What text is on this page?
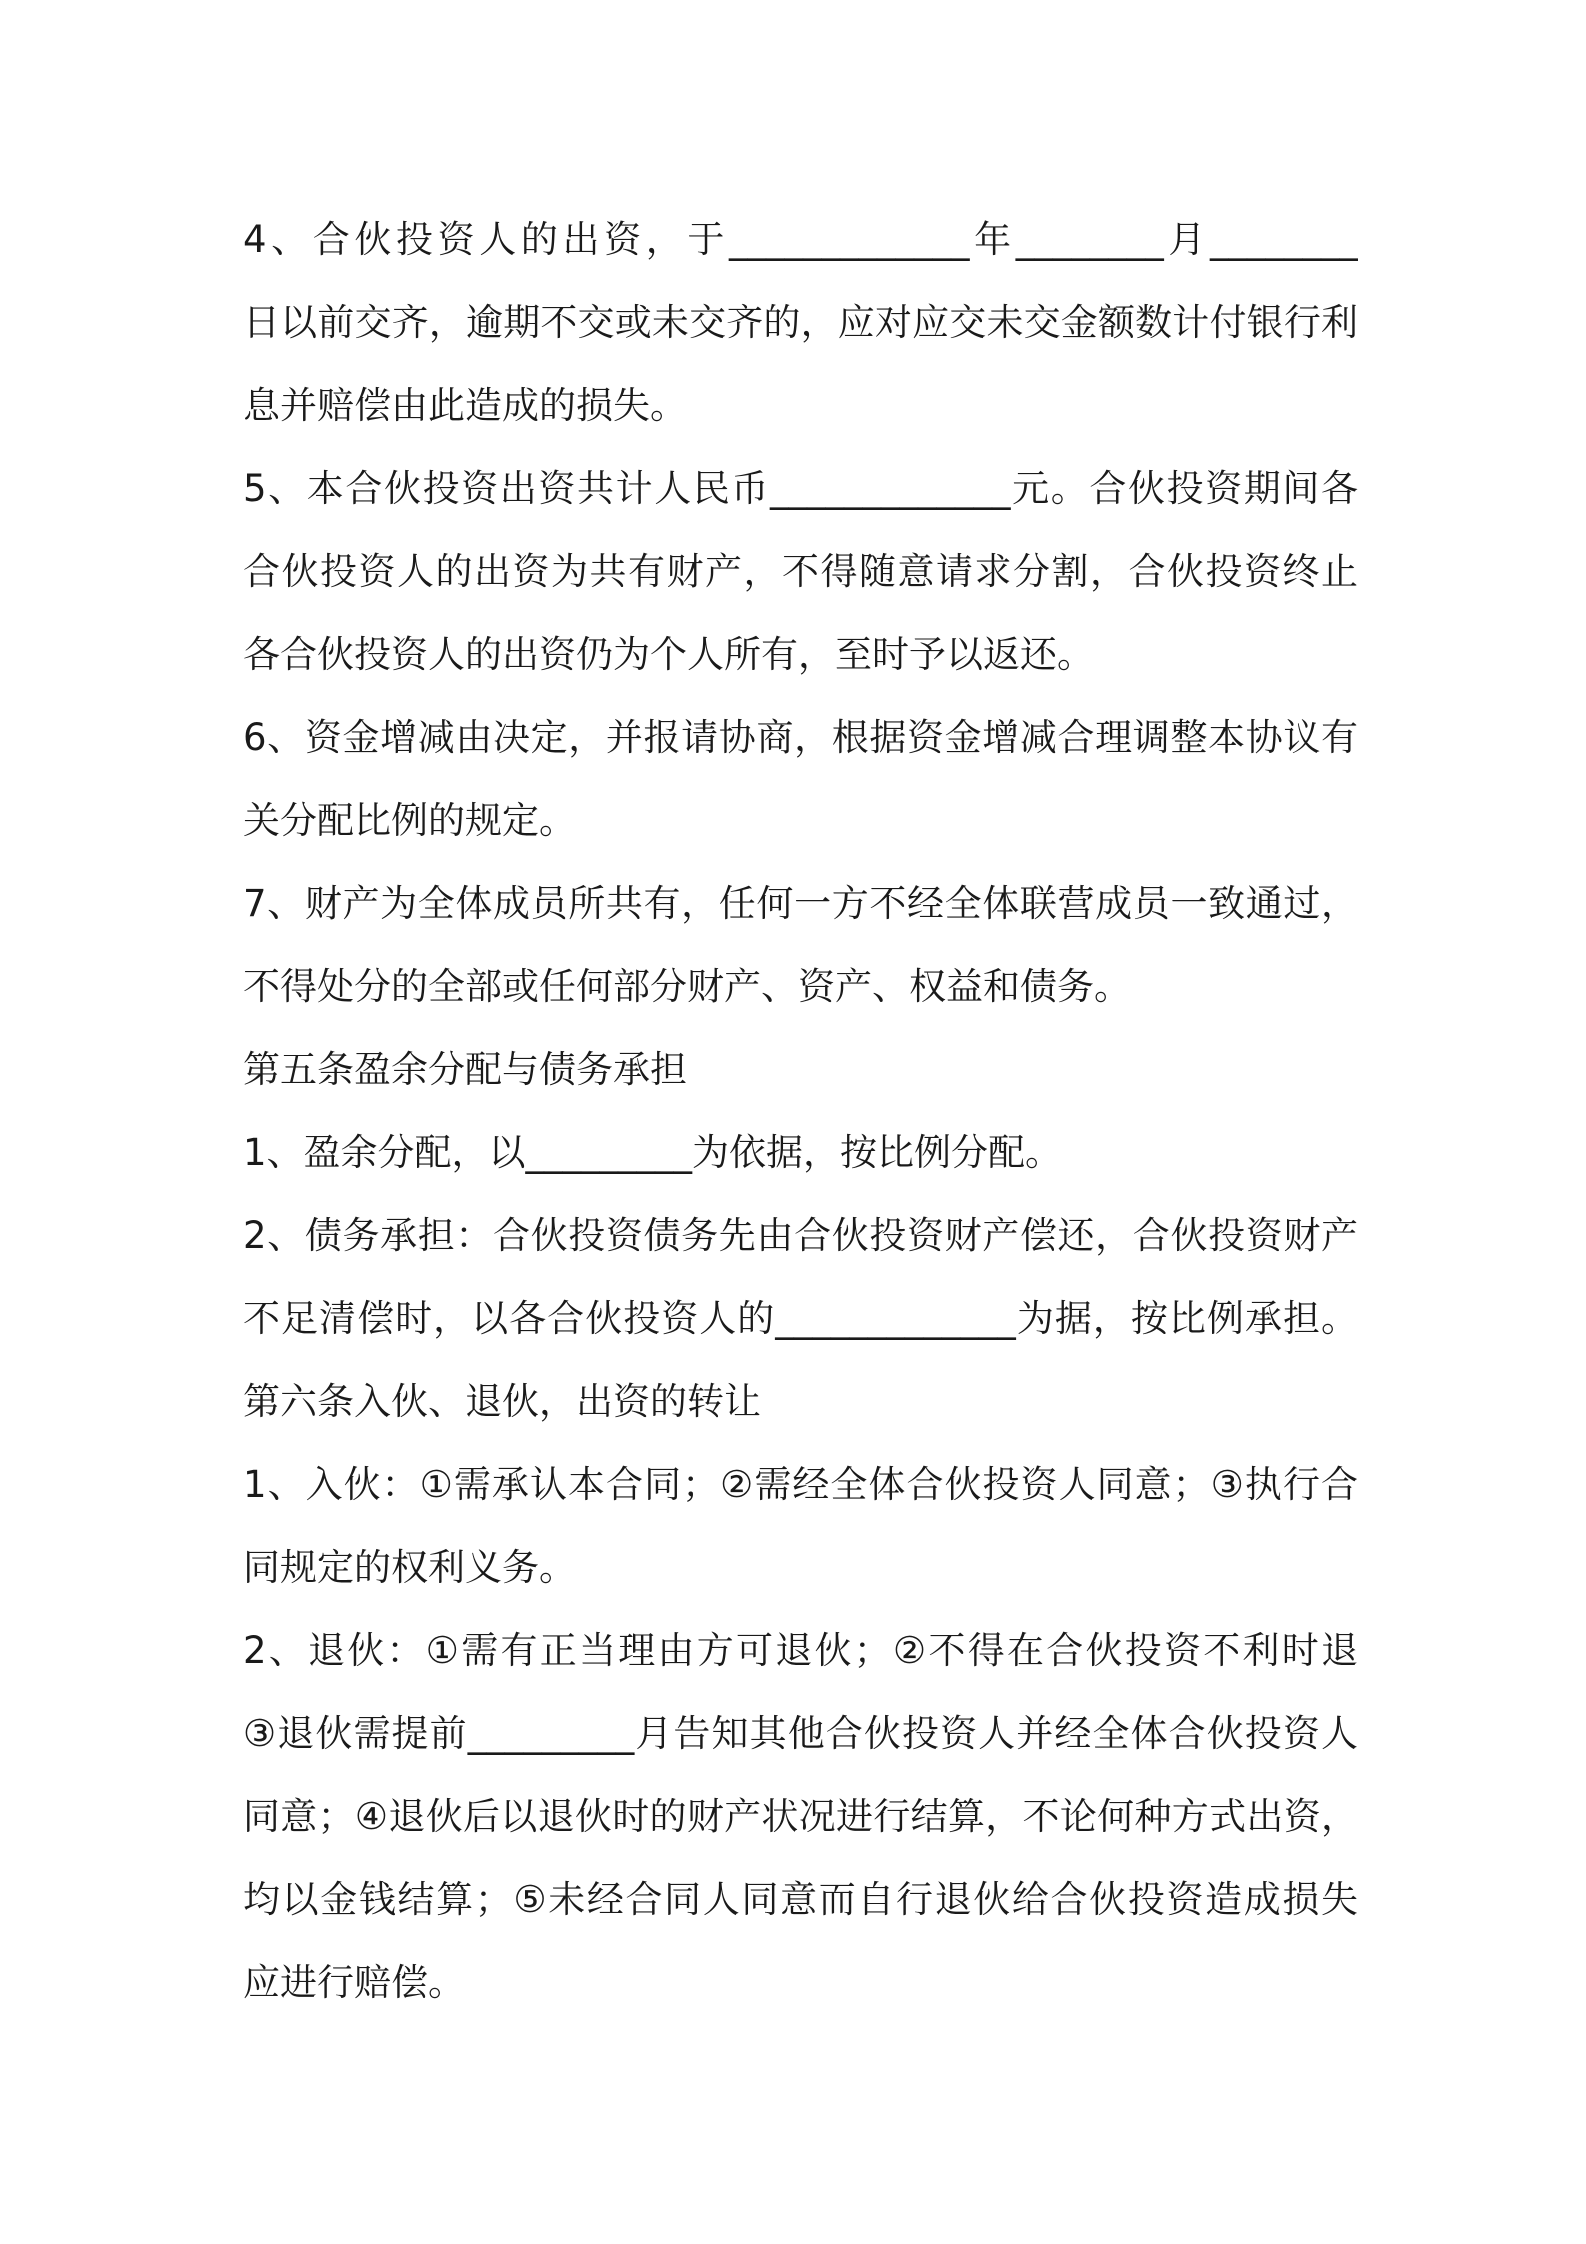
4、合伙投资人的出资，于_____________年________月________
日以前交齐，逾期不交或未交齐的，应对应交未交金额数计付银行利
息并赔偿由此造成的损失。
5、本合伙投资出资共计人民币_____________元。合伙投资期间各
合伙投资人的出资为共有财产，不得随意请求分割，合伙投资终止
各合伙投资人的出资仍为个人所有，至时予以返还。
6、资金增减由决定，并报请协商，根据资金增减合理调整本协议有
关分配比例的规定。
7、财产为全体成员所共有，任何一方不经全体联营成员一致通过，
不得处分的全部或任何部分财产、资产、权益和债务。
第五条盈余分配与债务承担
1、盈余分配，以_________为依据，按比例分配。
2、债务承担：合伙投资债务先由合伙投资财产偿还，合伙投资财产
不足清偿时，以各合伙投资人的_____________为据，按比例承担。
第六条入伙、退伙，出资的转让
1、入伙：①需承认本合同；②需经全体合伙投资人同意；③执行合
同规定的权利义务。
2、退伙：①需有正当理由方可退伙；②不得在合伙投资不利时退
③退伙需提前_________月告知其他合伙投资人并经全体合伙投资人
同意；④退伙后以退伙时的财产状况进行结算，不论何种方式出资，
均以金钱结算；⑤未经合同人同意而自行退伙给合伙投资造成损失
应进行赔偿。
